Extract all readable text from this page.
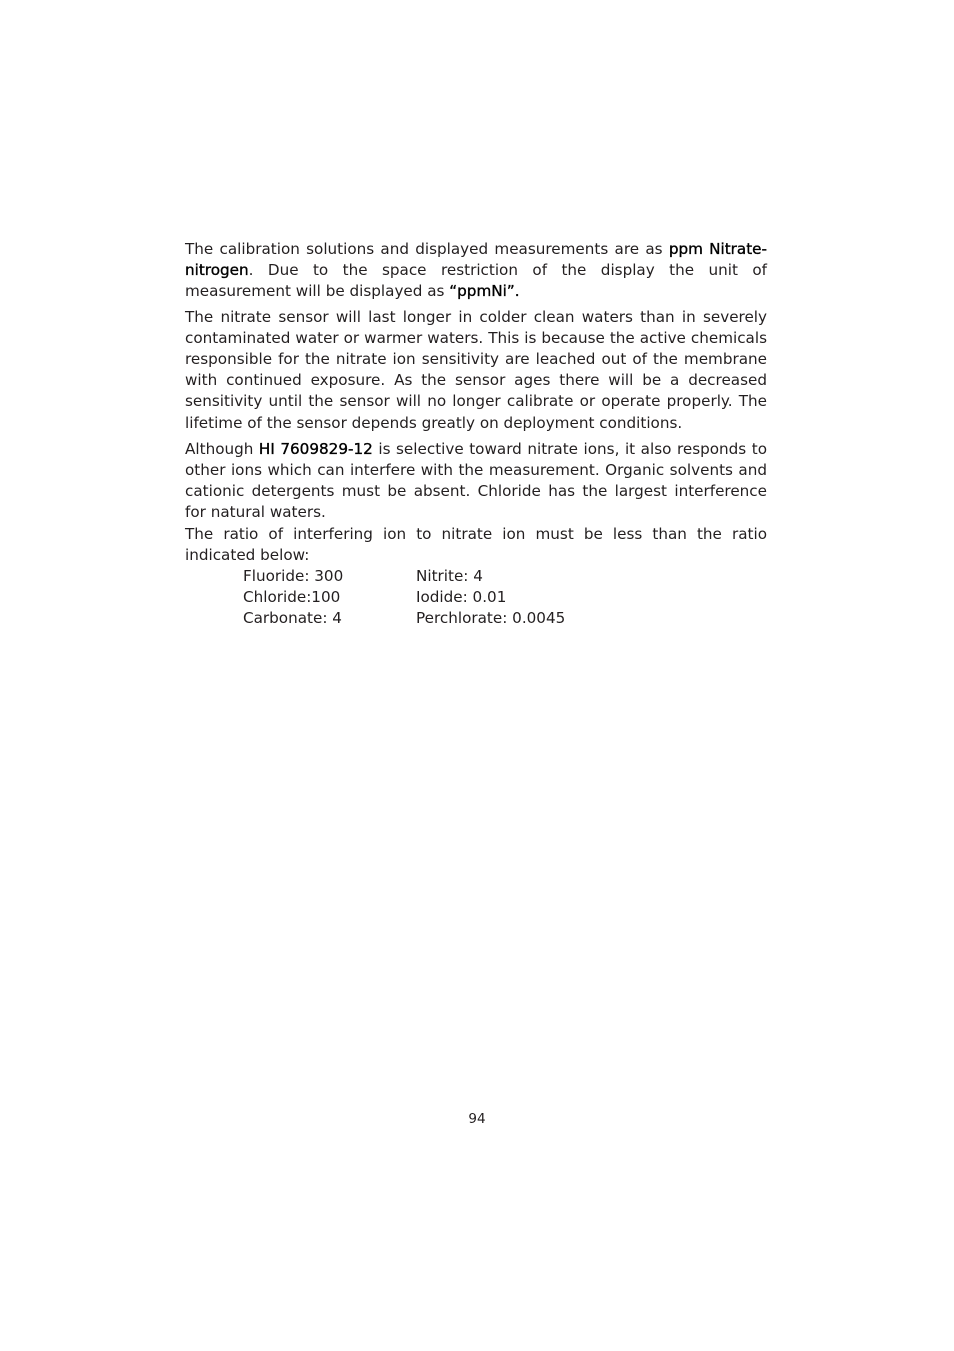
The calibration solutions and displayed measurements are as ppm Nitrate-nitrogen. Due to the space restriction of the display the unit of measurement will be displayed as “ppmNi”.

The nitrate sensor will last longer in colder clean waters than in severely contaminated water or warmer waters. This is because the active chemicals responsible for the nitrate ion sensitivity are leached out of the membrane with continued exposure. As the sensor ages there will be a decreased sensitivity until the sensor will no longer calibrate or operate properly. The lifetime of the sensor depends greatly on deployment conditions.

Although HI 7609829-12 is selective toward nitrate ions, it also responds to other ions which can interfere with the measurement. Organic solvents and cationic detergents must be absent. Chloride has the largest interference for natural waters.

The ratio of interfering ion to nitrate ion must be less than the ratio indicated below:

Fluoride: 300	Nitrite: 4
Chloride:100	Iodide: 0.01
Carbonate: 4	Perchlorate: 0.0045
94
